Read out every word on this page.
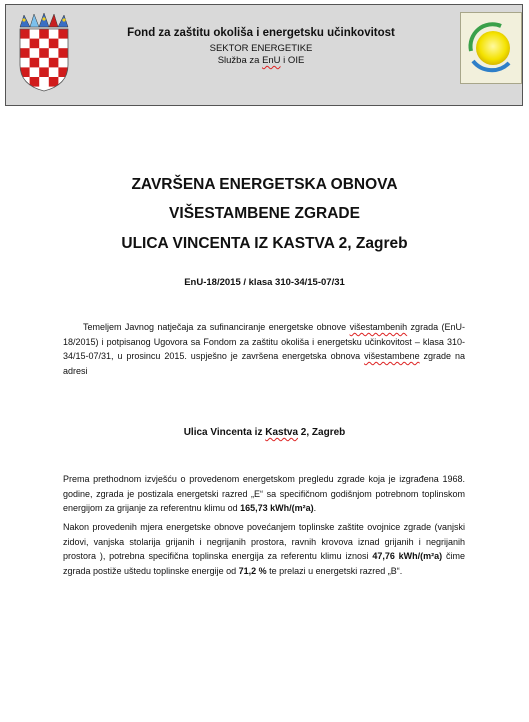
Fond za zaštitu okoliša i energetsku učinkovitost
SEKTOR ENERGETIKE
Služba za EnU i OIE
ZAVRŠENA ENERGETSKA OBNOVA
VIŠESTAMBENE ZGRADE
ULICA VINCENTA IZ KASTVA 2, Zagreb
EnU-18/2015 / klasa 310-34/15-07/31
Temeljem Javnog natječaja za sufinanciranje energetske obnove višestambenih zgrada (EnU-18/2015) i potpisanog Ugovora sa Fondom za zaštitu okoliša i energetsku učinkovitost – klasa 310-34/15-07/31, u prosincu 2015. uspješno je završena energetska obnova višestambene zgrade na adresi
Ulica Vincenta iz Kastva 2, Zagreb
Prema prethodnom izvješću o provedenom energetskom pregledu zgrade koja je izgrađena 1968. godine, zgrada je postizala energetski razred „E“ sa specifičnom godišnjom potrebnom toplinskom energijom za grijanje za referentnu klimu od 165,73 kWh/(m²a).
Nakon provedenih mjera energetske obnove povećanjem toplinske zaštite ovojnice zgrade (vanjski zidovi, vanjska stolarija grijanih i negrijanih prostora, ravnih krovova iznad grijanih i negrijanih prostora ), potrebna specifična toplinska energija za referentu klimu iznosi 47,76 kWh/(m²a) čime zgrada postiže uštedu toplinske energije od 71,2 % te prelazi u energetski razred „B“.
